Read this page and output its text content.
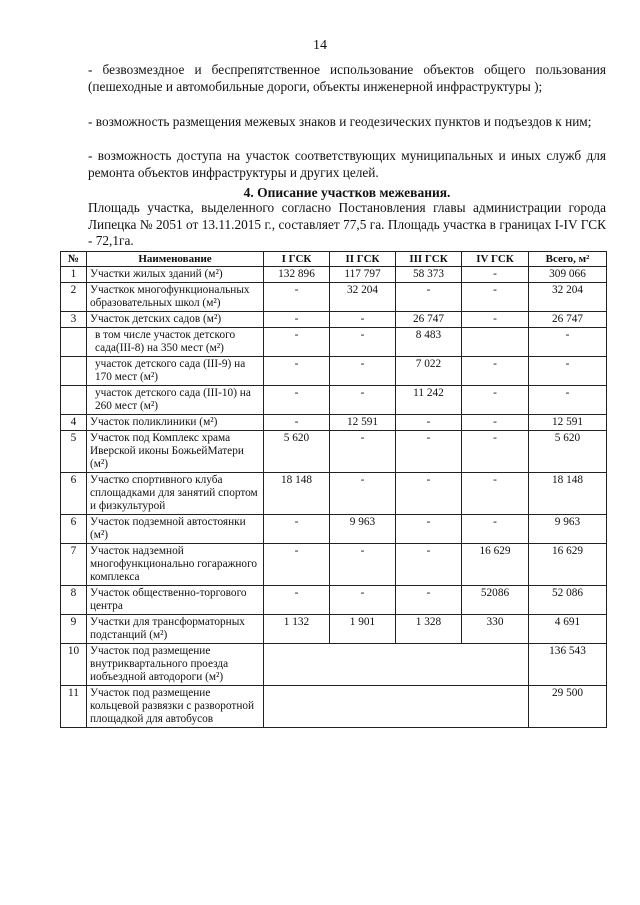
14
- безвозмездное и беспрепятственное использование объектов общего пользования (пешеходные и автомобильные дороги, объекты инженерной инфраструктуры );
- возможность размещения межевых знаков и геодезических пунктов и подъездов к ним;
- возможность доступа на участок соответствующих муниципальных и иных служб для ремонта объектов инфраструктуры и других целей.
4. Описание участков межевания.
Площадь участка, выделенного согласно Постановления главы администрации города Липецка № 2051 от 13.11.2015 г., составляет 77,5 га. Площадь участка в границах I-IV ГСК - 72,1га.
№	Наименование	I ГСК	II ГСК	III ГСК	IV ГСК	Всего, м²
1	Участки жилых зданий (м²)	132 896	117 797	58 373	-	309 066
2	Участкок многофункциональных образовательных школ (м²)	-	32 204	-	-	32 204
3	Участок детских садов (м²)	-	-	26 747	-	26 747
	в том числе участок детского сада(III-8) на 350 мест (м²)	-	-	8 483		-
	участок детского сада (III-9) на 170 мест (м²)	-	-	7 022	-	-
	участок детского сада (III-10) на 260 мест (м²)	-	-	11 242	-	-
4	Участок поликлиники (м²)	-	12 591	-	-	12 591
5	Участок под Комплекс храма Иверской иконы БожьейМатери (м²)	5 620	-	-	-	5 620
6	Участко спортивного клуба сплощадками для занятий спортом и физкультурой	18 148	-	-	-	18 148
6	Участок подземной автостоянки (м²)	-	9 963	-	-	9 963
7	Участок надземной многофункционально гогаражного комплекса	-	-	-	16 629	16 629
8	Участок общественно-торгового центра	-	-	-	52086	52 086
9	Участки для трансформаторных подстанций (м²)	1 132	1 901	1 328	330	4 691
10	Участок под размещение внутриквартального проезда иобъездной автодороги (м²)					136 543
11	Участок под размещение кольцевой развязки с разворотной площадкой для автобусов					29 500
